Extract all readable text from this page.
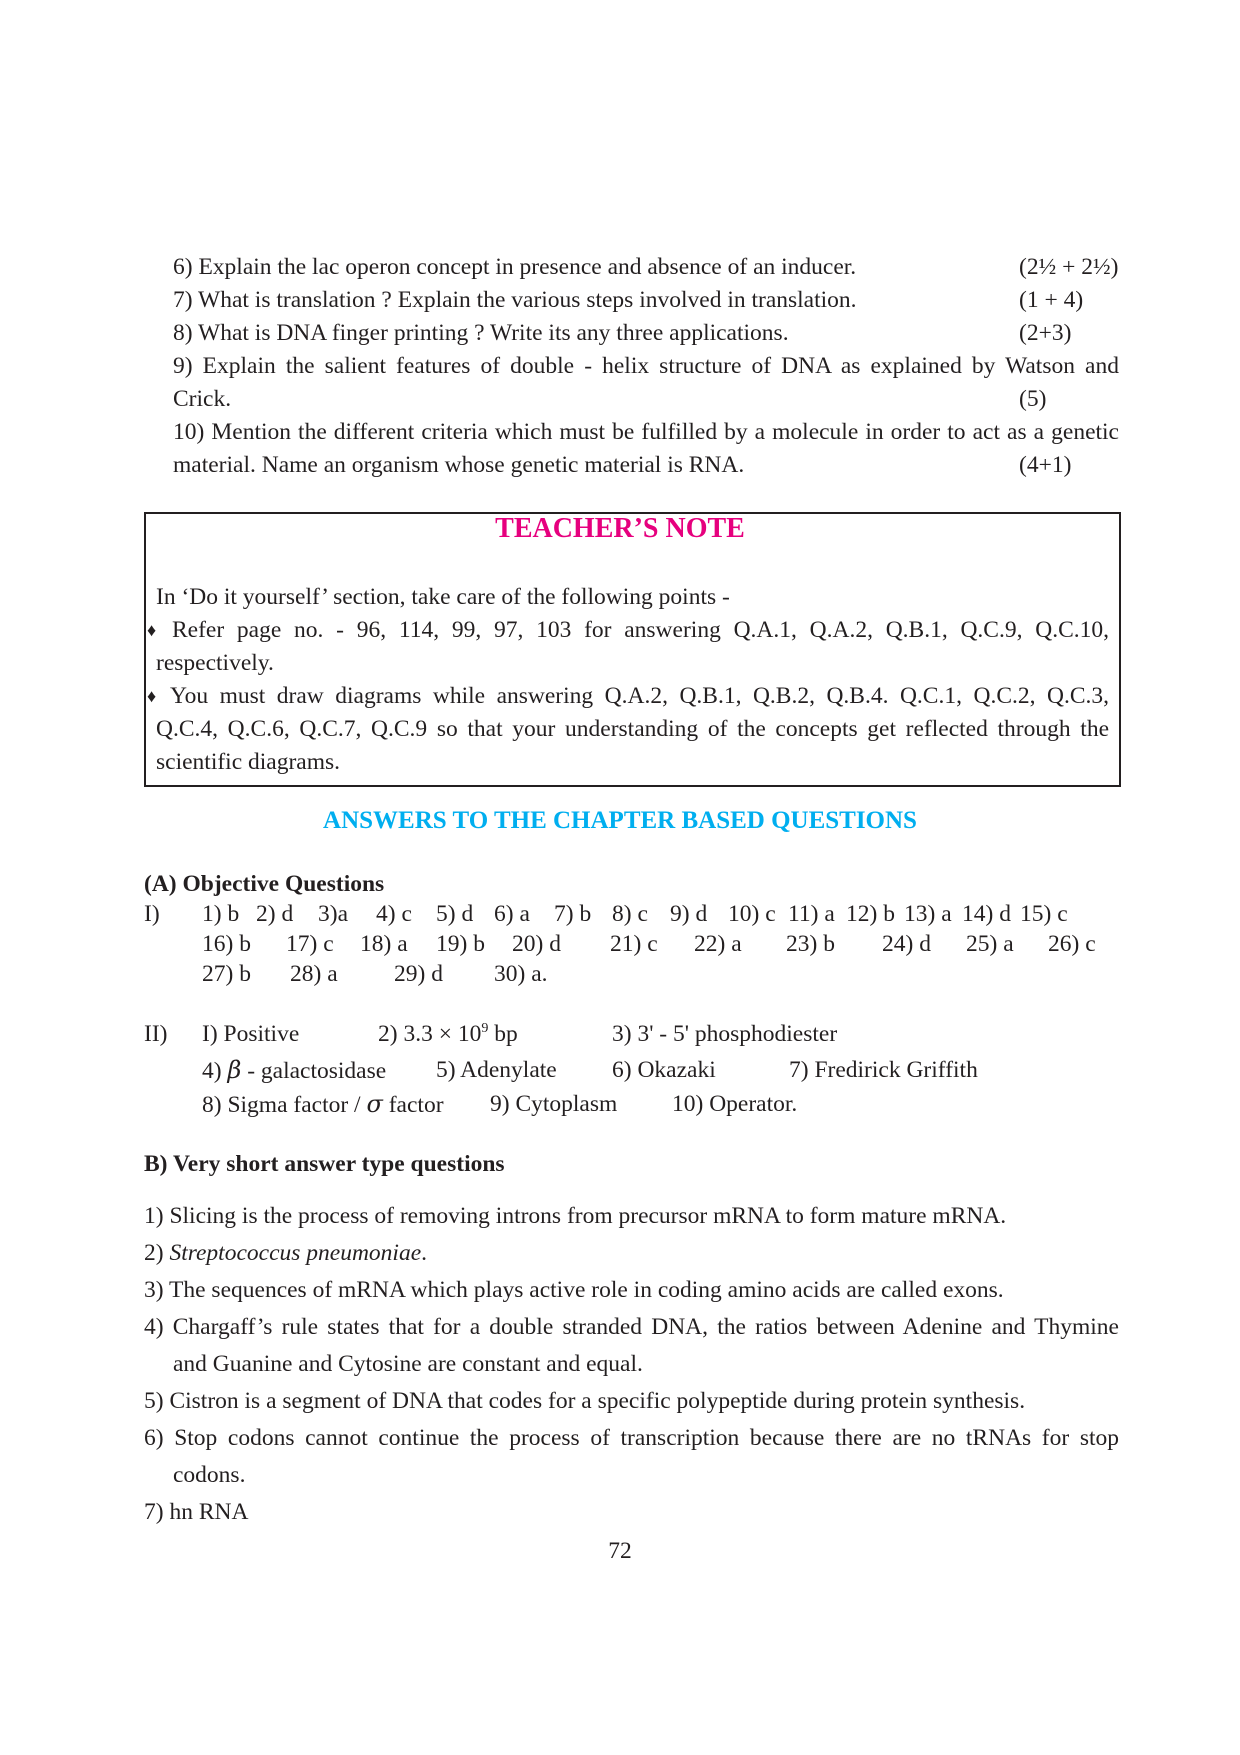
6) Explain the lac operon concept in presence and absence of an inducer.	(2½ + 2½)
7) What is translation ? Explain the various steps involved in translation.	(1 + 4)
8) What is DNA finger printing ? Write its any three applications.	(2+3)
9) Explain the salient features of double - helix structure of DNA as explained by Watson and
Crick.	(5)
10) Mention the different criteria which must be fulfilled by a molecule in order to act as a genetic
material. Name an organism whose genetic material is RNA.	(4+1)
TEACHER’S NOTE
In ‘Do it yourself’ section, take care of the following points -
♦ Refer page no. - 96, 114, 99, 97, 103 for answering Q.A.1, Q.A.2, Q.B.1, Q.C.9, Q.C.10,
respectively.
♦ You must draw diagrams while answering Q.A.2, Q.B.1, Q.B.2, Q.B.4. Q.C.1, Q.C.2, Q.C.3,
Q.C.4, Q.C.6, Q.C.7, Q.C.9 so that your understanding of the concepts get reflected through the
scientific diagrams.
ANSWERS TO THE CHAPTER BASED QUESTIONS
(A) Objective Questions
I) 1) b 2) d 3)a 4) c 5) d 6) a 7) b 8) c 9) d 10) c 11) a 12) b 13) a 14) d 15) c
16) b 17) c 18) a 19) b 20) d 21) c 22) a 23) b 24) d 25) a 26) c
27) b 28) a 29) d 30) a.
II) I) Positive	2) $3.3 \times 10^9$ bp	3) 3' - 5' phosphodiester
4) β - galactosidase 5) Adenylate 6) Okazaki	7) Fredirick Griffith
8) Sigma factor / σ factor 9) Cytoplasm 10) Operator.
B) Very short answer type questions
1) Slicing is the process of removing introns from precursor mRNA to form mature mRNA.
2) Streptococcus pneumoniae.
3) The sequences of mRNA which plays active role in coding amino acids are called exons.
4) Chargaff’s rule states that for a double stranded DNA, the ratios between Adenine and Thymine
and Guanine and Cytosine are constant and equal.
5) Cistron is a segment of DNA that codes for a specific polypeptide during protein synthesis.
6) Stop codons cannot continue the process of transcription because there are no tRNAs for stop
codons.
7) hn RNA
72
